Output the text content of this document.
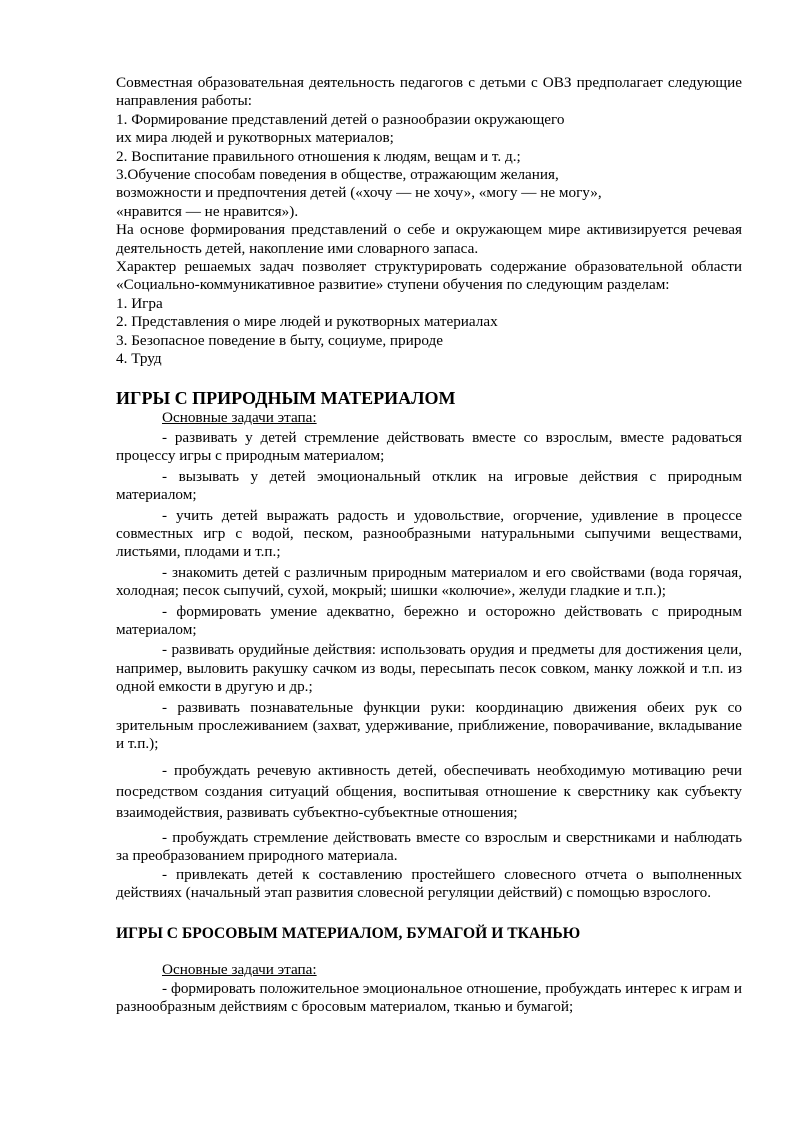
Совместная образовательная деятельность педагогов с детьми с ОВЗ предполагает следующие направления работы:

1. Формирование представлений детей о разнообразии окружающего

их мира людей и рукотворных материалов;

2. Воспитание правильного отношения к людям, вещам и т. д.;

3.Обучение способам поведения в обществе, отражающим желания,

возможности и предпочтения детей («хочу — не хочу», «могу — не могу»,

«нравится — не нравится»).

На основе формирования представлений о себе и окружающем мире активизируется речевая деятельность детей, накопление ими словарного запаса.

Характер решаемых задач позволяет структурировать содержание образовательной области «Социально-коммуникативное развитие» ступени обучения по следующим разделам:

1. Игра

2. Представления о мире людей и рукотворных материалах

3. Безопасное поведение в быту, социуме, природе

4. Труд

ИГРЫ С ПРИРОДНЫМ МАТЕРИАЛОМ

Основные задачи этапа:

- развивать у детей стремление действовать вместе со взрослым, вместе радоваться процессу игры с природным материалом;

- вызывать у детей эмоциональный отклик на игровые действия с природным материалом;

- учить детей выражать радость и удовольствие, огорчение, удивление в процессе совместных игр с водой, песком, разнообразными натуральными сыпучими веществами, листьями, плодами и т.п.;

- знакомить детей с различным природным материалом и его свойствами (вода горячая, холодная; песок сыпучий, сухой, мокрый; шишки «колючие», желуди гладкие и т.п.);

- формировать умение адекватно, бережно и осторожно действовать с природным материалом;

- развивать орудийные действия: использовать орудия и предметы для достижения цели, например, выловить ракушку сачком из воды, пересыпать песок совком, манку ложкой и т.п. из одной емкости в другую и др.;

- развивать познавательные функции руки: координацию движения обеих рук со зрительным прослеживанием (захват, удерживание, приближение, поворачивание, вкладывание и т.п.);

- пробуждать речевую активность детей, обеспечивать необходимую мотивацию речи посредством создания ситуаций общения, воспитывая отношение к сверстнику как субъекту взаимодействия, развивать субъектно-субъектные отношения;

- пробуждать стремление действовать вместе со взрослым и сверстниками и наблюдать за преобразованием природного материала.

- привлекать детей к составлению простейшего словесного отчета о выполненных действиях (начальный этап развития словесной регуляции действий) с помощью взрослого.

ИГРЫ С БРОСОВЫМ МАТЕРИАЛОМ, БУМАГОЙ И ТКАНЬЮ

Основные задачи этапа:

- формировать положительное эмоциональное отношение, пробуждать интерес к играм и разнообразным действиям с бросовым материалом, тканью и бумагой;
